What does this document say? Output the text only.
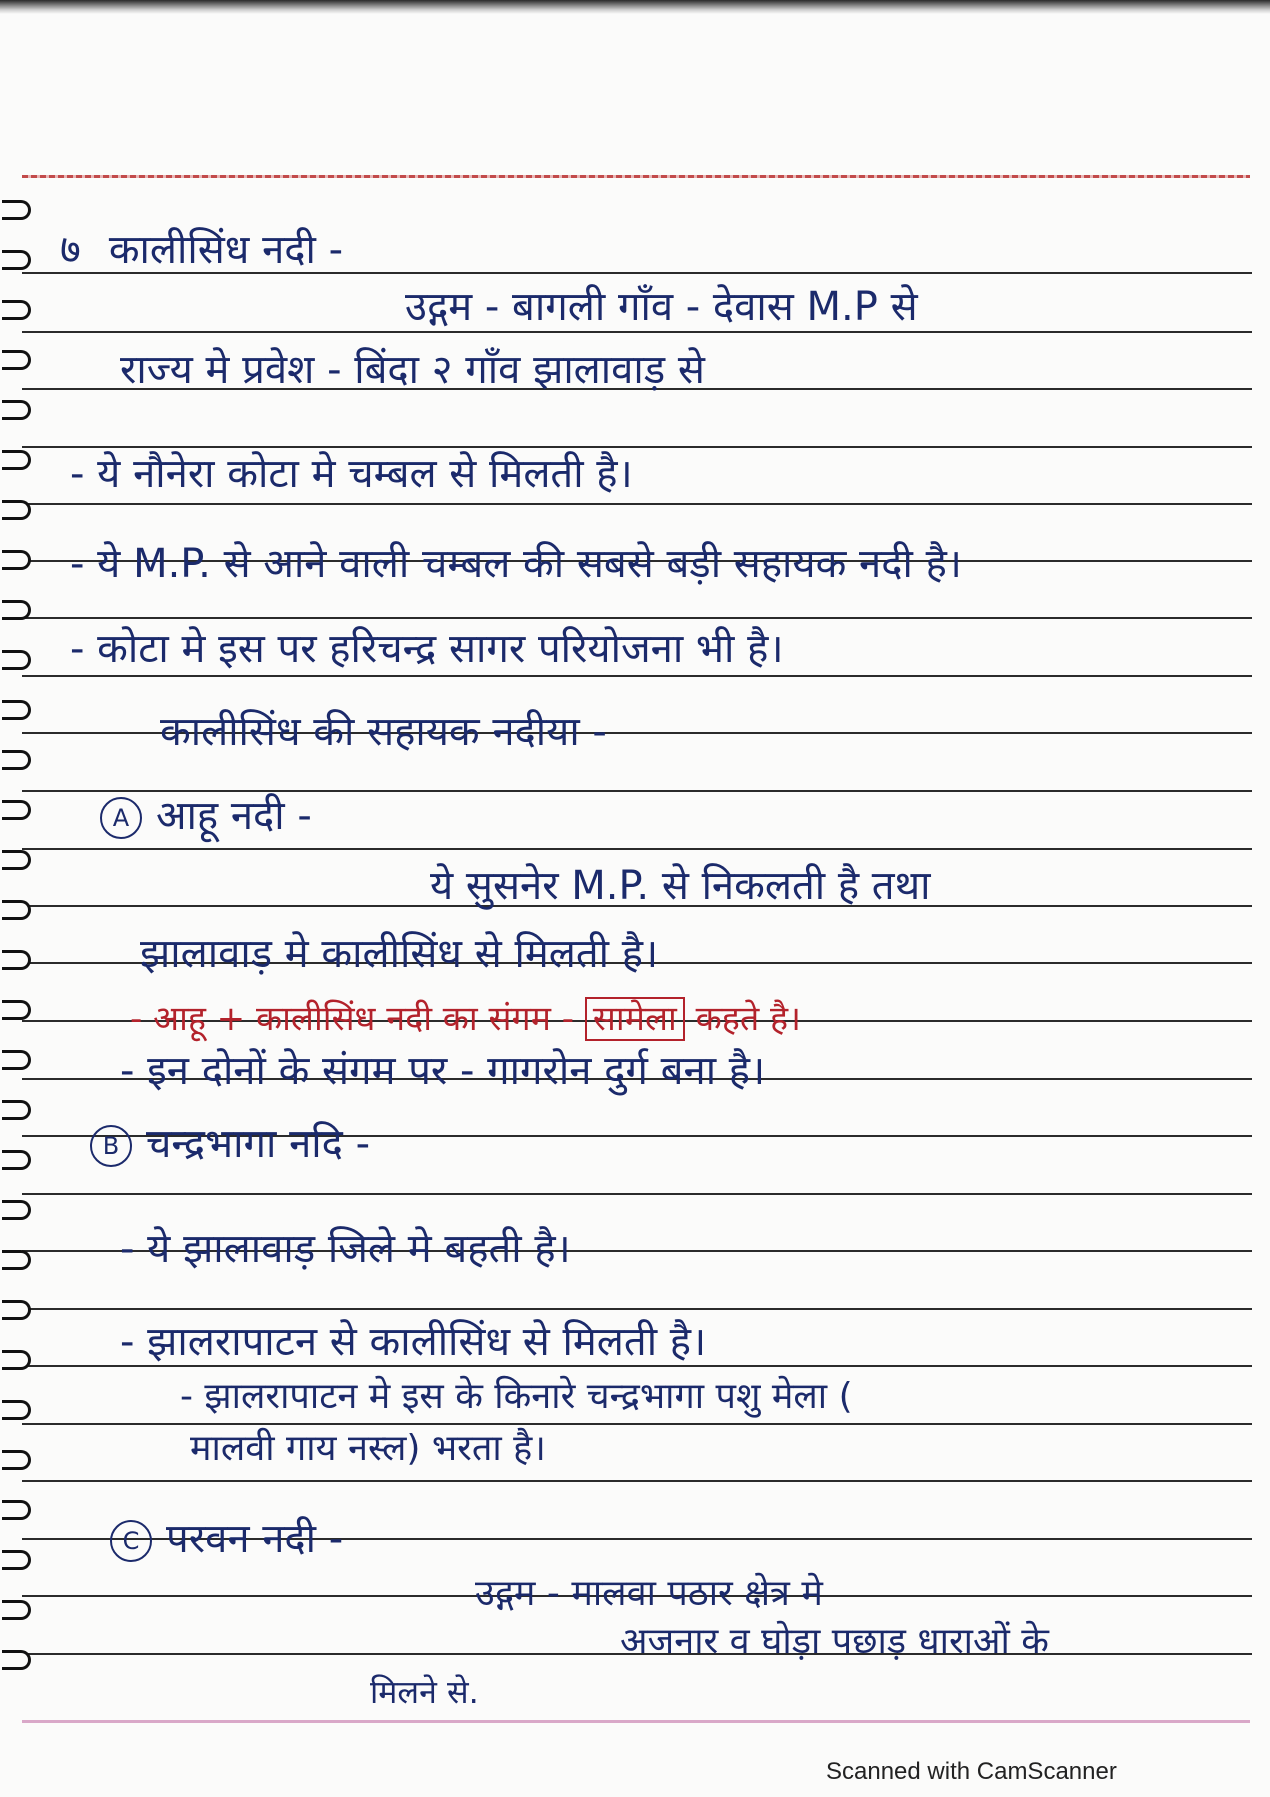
७ कालीसिंध नदी -
उद्गम - बागली गाँव - देवास M.P से
राज्य मे प्रवेश - बिंदा २ गाँव झालावाड़ से
- ये नौनेरा कोटा मे चम्बल से मिलती है।
- ये M.P. से आने वाली चम्बल की सबसे बड़ी सहायक नदी है।
- कोटा मे इस पर हरिचन्द्र सागर परियोजना भी है।
कालीसिंध की सहायक नदीया -
A आहू नदी -
ये सुसनेर M.P. से निकलती है तथा
झालावाड़ मे कालीसिंध से मिलती है।
- आहू + कालीसिंध नदी का संगम - सामेला कहते है।
- इन दोनों के संगम पर - गागरोन दुर्ग बना है।
B चन्द्रभागा नदि -
- ये झालावाड़ जिले मे बहती है।
- झालरापाटन से कालीसिंध से मिलती है।
- झालरापाटन मे इस के किनारे चन्द्रभागा पशु मेला (
मालवी गाय नस्ल) भरता है।
C परवन नदी -
उद्गम - मालवा पठार क्षेत्र मे
अजनार व घोड़ा पछाड़ धाराओं के
मिलने से.
Scanned with CamScanner
